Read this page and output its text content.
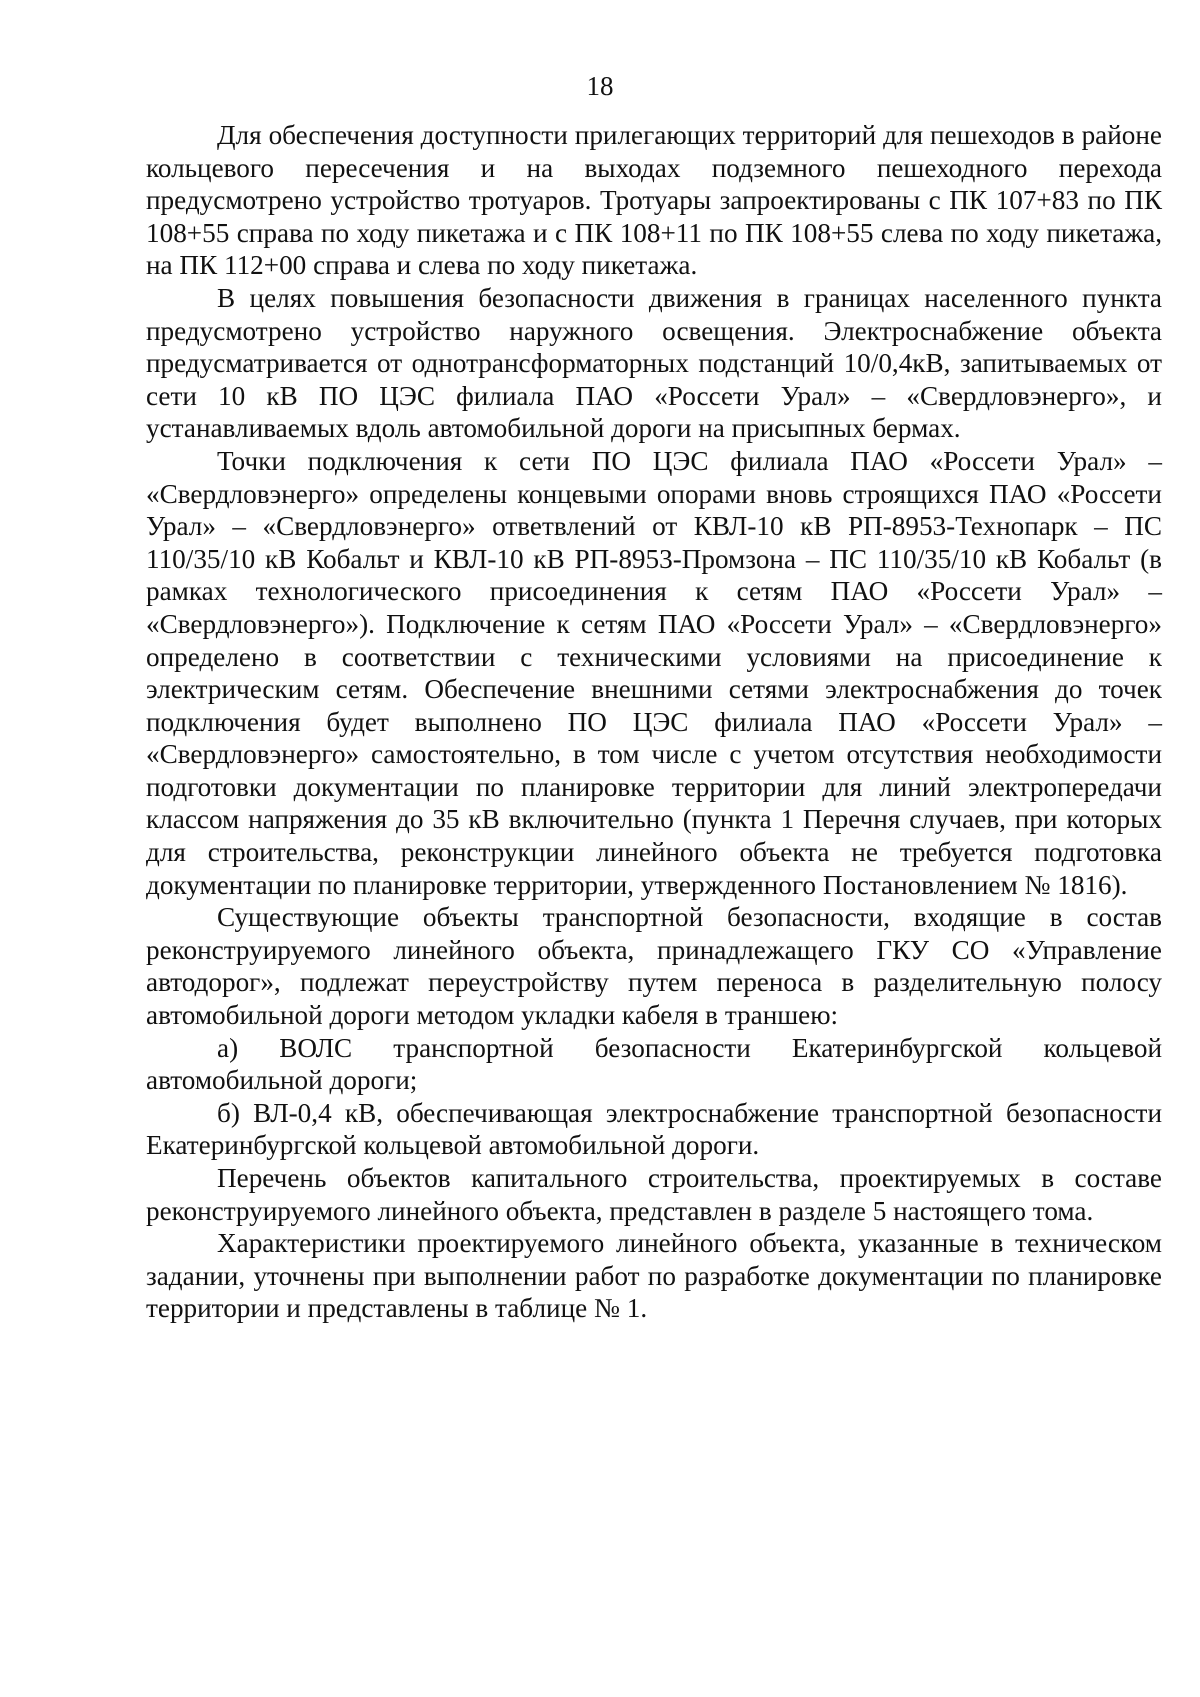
18

Для обеспечения доступности прилегающих территорий для пешеходов в районе кольцевого пересечения и на выходах подземного пешеходного перехода предусмотрено устройство тротуаров. Тротуары запроектированы с ПК 107+83 по ПК 108+55 справа по ходу пикетажа и с ПК 108+11 по ПК 108+55 слева по ходу пикетажа, на ПК 112+00 справа и слева по ходу пикетажа.

В целях повышения безопасности движения в границах населенного пункта предусмотрено устройство наружного освещения. Электроснабжение объекта предусматривается от однотрансформаторных подстанций 10/0,4кВ, запитываемых от сети 10 кВ ПО ЦЭС филиала ПАО «Россети Урал» – «Свердловэнерго», и устанавливаемых вдоль автомобильной дороги на присыпных бермах.

Точки подключения к сети ПО ЦЭС филиала ПАО «Россети Урал» – «Свердловэнерго» определены концевыми опорами вновь строящихся ПАО «Россети Урал» – «Свердловэнерго» ответвлений от КВЛ-10 кВ РП-8953-Технопарк – ПС 110/35/10 кВ Кобальт и КВЛ-10 кВ РП-8953-Промзона – ПС 110/35/10 кВ Кобальт (в рамках технологического присоединения к сетям ПАО «Россети Урал» – «Свердловэнерго»). Подключение к сетям ПАО «Россети Урал» – «Свердловэнерго» определено в соответствии с техническими условиями на присоединение к электрическим сетям. Обеспечение внешними сетями электроснабжения до точек подключения будет выполнено ПО ЦЭС филиала ПАО «Россети Урал» – «Свердловэнерго» самостоятельно, в том числе с учетом отсутствия необходимости подготовки документации по планировке территории для линий электропередачи классом напряжения до 35 кВ включительно (пункта 1 Перечня случаев, при которых для строительства, реконструкции линейного объекта не требуется подготовка документации по планировке территории, утвержденного Постановлением № 1816).

Существующие объекты транспортной безопасности, входящие в состав реконструируемого линейного объекта, принадлежащего ГКУ СО «Управление автодорог», подлежат переустройству путем переноса в разделительную полосу автомобильной дороги методом укладки кабеля в траншею:

а) ВОЛС транспортной безопасности Екатеринбургской кольцевой автомобильной дороги;

б) ВЛ-0,4 кВ, обеспечивающая электроснабжение транспортной безопасности Екатеринбургской кольцевой автомобильной дороги.

Перечень объектов капитального строительства, проектируемых в составе реконструируемого линейного объекта, представлен в разделе 5 настоящего тома.

Характеристики проектируемого линейного объекта, указанные в техническом задании, уточнены при выполнении работ по разработке документации по планировке территории и представлены в таблице № 1.
